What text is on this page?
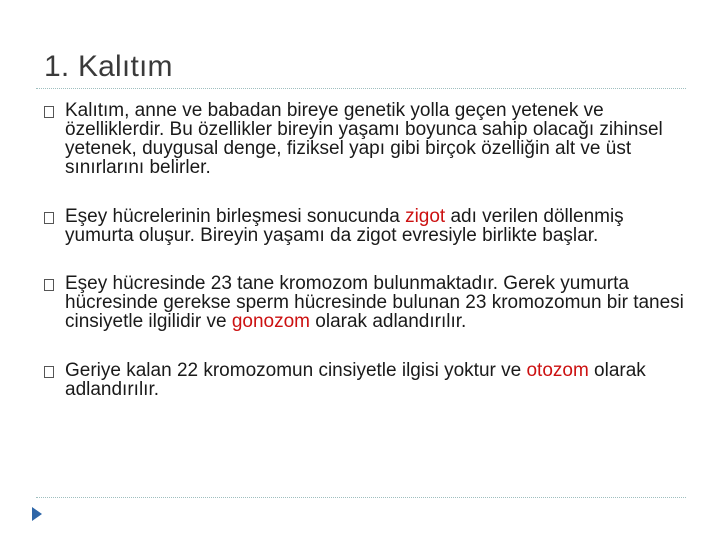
1. Kalıtım
Kalıtım, anne ve babadan bireye genetik yolla geçen yetenek ve özelliklerdir. Bu özellikler bireyin yaşamı boyunca sahip olacağı zihinsel yetenek, duygusal denge, fiziksel yapı gibi birçok özelliğin alt ve üst sınırlarını belirler.
Eşey hücrelerinin birleşmesi sonucunda zigot adı verilen döllenmiş yumurta oluşur. Bireyin yaşamı da zigot evresiyle birlikte başlar.
Eşey hücresinde 23 tane kromozom bulunmaktadır. Gerek yumurta hücresinde gerekse sperm hücresinde bulunan 23 kromozomun bir tanesi cinsiyetle ilgilidir ve gonozom olarak adlandırılır.
Geriye kalan 22 kromozomun cinsiyetle ilgisi yoktur ve otozom olarak adlandırılır.
